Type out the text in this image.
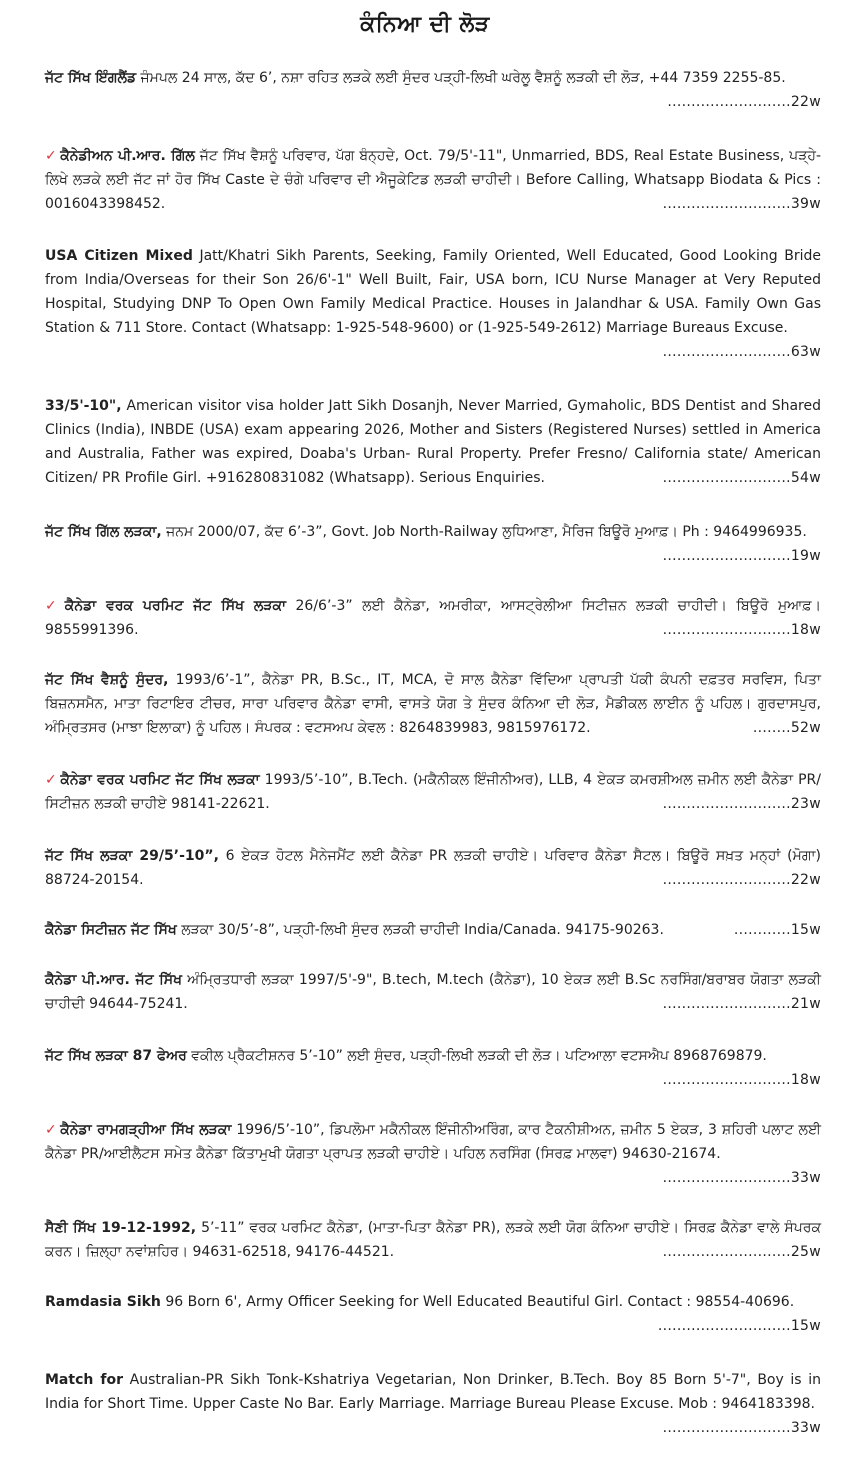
ਕੰਨਿਆ ਦੀ ਲੋੜ
ਜੱਟ ਸਿੱਖ ਇੰਗਲੈਂਡ ਜੰਮਪਲ 24 ਸਾਲ, ਕੱਦ 6’, ਨਸ਼ਾ ਰਹਿਤ ਲੜਕੇ ਲਈ ਸੁੰਦਰ ਪੜ੍ਹੀ-ਲਿਖੀ ਘਰੇਲੂ ਵੈਸ਼ਨੂੰ ਲੜਕੀ ਦੀ ਲੋੜ, +44 7359 2255-85.
..........................22w
✓ ਕੈਨੇਡੀਅਨ ਪੀ.ਆਰ. ਗਿੱਲ ਜੱਟ ਸਿੱਖ ਵੈਸ਼ਨੂੰ ਪਰਿਵਾਰ, ਪੱਗ ਬੰਨ੍ਹਦੇ, Oct. 79/5'-11", Unmarried, BDS, Real Estate Business, ਪੜ੍ਹੇ-ਲਿਖੇ ਲੜਕੇ ਲਈ ਜੱਟ ਜਾਂ ਹੋਰ ਸਿੱਖ Caste ਦੇ ਚੰਗੇ ਪਰਿਵਾਰ ਦੀ ਐਜੂਕੇਟਿਡ ਲੜਕੀ ਚਾਹੀਦੀ। Before Calling, Whatsapp Biodata & Pics : 0016043398452.	...........................39w
USA Citizen Mixed Jatt/Khatri Sikh Parents, Seeking, Family Oriented, Well Educated, Good Looking Bride from India/Overseas for their Son 26/6'-1" Well Built, Fair, USA born, ICU Nurse Manager at Very Reputed Hospital, Studying DNP To Open Own Family Medical Practice. Houses in Jalandhar & USA. Family Own Gas Station & 711 Store. Contact (Whatsapp: 1-925-548-9600) or (1-925-549-2612) Marriage Bureaus Excuse.
...........................63w
33/5'-10", American visitor visa holder Jatt Sikh Dosanjh, Never Married, Gymaholic, BDS Dentist and Shared Clinics (India), INBDE (USA) exam appearing 2026, Mother and Sisters (Registered Nurses) settled in America and Australia, Father was expired, Doaba's Urban- Rural Property. Prefer Fresno/ California state/ American Citizen/ PR Profile Girl. +916280831082 (Whatsapp). Serious Enquiries.	...........................54w
ਜੱਟ ਸਿੱਖ ਗਿੱਲ ਲੜਕਾ, ਜਨਮ 2000/07, ਕੱਦ 6’-3”, Govt. Job North-Railway ਲੁਧਿਆਣਾ, ਮੈਰਿਜ ਬਿਊਰੋ ਮੁਆਫ਼। Ph : 9464996935.
...........................19w
✓ ਕੈਨੇਡਾ ਵਰਕ ਪਰਮਿਟ ਜੱਟ ਸਿੱਖ ਲੜਕਾ 26/6’-3” ਲਈ ਕੈਨੇਡਾ, ਅਮਰੀਕਾ, ਆਸਟ੍ਰੇਲੀਆ ਸਿਟੀਜ਼ਨ ਲੜਕੀ ਚਾਹੀਦੀ। ਬਿਊਰੋ ਮੁਆਫ਼। 9855991396.	...........................18w
ਜੱਟ ਸਿੱਖ ਵੈਸ਼ਨੂੰ ਸੁੰਦਰ, 1993/6’-1”, ਕੈਨੇਡਾ PR, B.Sc., IT, MCA, ਦੋ ਸਾਲ ਕੈਨੇਡਾ ਵਿੱਦਿਆ ਪ੍ਰਾਪਤੀ ਪੱਕੀ ਕੰਪਨੀ ਦਫ਼ਤਰ ਸਰਵਿਸ, ਪਿਤਾ ਬਿਜ਼ਨਸਮੈਨ, ਮਾਤਾ ਰਿਟਾਇਰ ਟੀਚਰ, ਸਾਰਾ ਪਰਿਵਾਰ ਕੈਨੇਡਾ ਵਾਸੀ, ਵਾਸਤੇ ਯੋਗ ਤੇ ਸੁੰਦਰ ਕੰਨਿਆ ਦੀ ਲੋੜ, ਮੈਡੀਕਲ ਲਾਈਨ ਨੂੰ ਪਹਿਲ। ਗੁਰਦਾਸਪੁਰ, ਅੰਮ੍ਰਿਤਸਰ (ਮਾਝਾ ਇਲਾਕਾ) ਨੂੰ ਪਹਿਲ। ਸੰਪਰਕ : ਵਟਸਅਪ ਕੇਵਲ : 8264839983, 9815976172.	........52w
✓ ਕੈਨੇਡਾ ਵਰਕ ਪਰਮਿਟ ਜੱਟ ਸਿੱਖ ਲੜਕਾ 1993/5’-10”, B.Tech. (ਮਕੈਨੀਕਲ ਇੰਜੀਨੀਅਰ), LLB, 4 ਏਕੜ ਕਮਰਸ਼ੀਅਲ ਜ਼ਮੀਨ ਲਈ ਕੈਨੇਡਾ PR/ਸਿਟੀਜ਼ਨ ਲੜਕੀ ਚਾਹੀਏ 98141-22621.	...........................23w
ਜੱਟ ਸਿੱਖ ਲੜਕਾ 29/5’-10”, 6 ਏਕੜ ਹੋਟਲ ਮੈਨੇਜਮੈਂਟ ਲਈ ਕੈਨੇਡਾ PR ਲੜਕੀ ਚਾਹੀਏ। ਪਰਿਵਾਰ ਕੈਨੇਡਾ ਸੈਟਲ। ਬਿਊਰੋ ਸਖ਼ਤ ਮਨ੍ਹਾਂ (ਮੋਗਾ) 88724-20154.	...........................22w
ਕੈਨੇਡਾ ਸਿਟੀਜ਼ਨ ਜੱਟ ਸਿੱਖ ਲੜਕਾ 30/5’-8”, ਪੜ੍ਹੀ-ਲਿਖੀ ਸੁੰਦਰ ਲੜਕੀ ਚਾਹੀਦੀ India/Canada. 94175-90263.	............15w
ਕੈਨੇਡਾ ਪੀ.ਆਰ. ਜੱਟ ਸਿੱਖ ਅੰਮ੍ਰਿਤਧਾਰੀ ਲੜਕਾ 1997/5'-9", B.tech, M.tech (ਕੈਨੇਡਾ), 10 ਏਕੜ ਲਈ B.Sc ਨਰਸਿੰਗ/ਬਰਾਬਰ ਯੋਗਤਾ ਲੜਕੀ ਚਾਹੀਦੀ 94644-75241.	...........................21w
ਜੱਟ ਸਿੱਖ ਲੜਕਾ 87 ਫੇਅਰ ਵਕੀਲ ਪ੍ਰੈਕਟੀਸ਼ਨਰ 5’-10” ਲਈ ਸੁੰਦਰ, ਪੜ੍ਹੀ-ਲਿਖੀ ਲੜਕੀ ਦੀ ਲੋੜ। ਪਟਿਆਲਾ ਵਟਸਐਪ 8968769879.
...........................18w
✓ ਕੈਨੇਡਾ ਰਾਮਗੜ੍ਹੀਆ ਸਿੱਖ ਲੜਕਾ 1996/5’-10”, ਡਿਪਲੋਮਾ ਮਕੈਨੀਕਲ ਇੰਜੀਨੀਅਰਿੰਗ, ਕਾਰ ਟੈਕਨੀਸ਼ੀਅਨ, ਜ਼ਮੀਨ 5 ਏਕੜ, 3 ਸ਼ਹਿਰੀ ਪਲਾਟ ਲਈ ਕੈਨੇਡਾ PR/ਆਈਲੈਟਸ ਸਮੇਤ ਕੈਨੇਡਾ ਕਿੱਤਾਮੁਖੀ ਯੋਗਤਾ ਪ੍ਰਾਪਤ ਲੜਕੀ ਚਾਹੀਏ। ਪਹਿਲ ਨਰਸਿੰਗ (ਸਿਰਫ਼ ਮਾਲਵਾ) 94630-21674.
...........................33w
ਸੈਣੀ ਸਿੱਖ 19-12-1992, 5’-11” ਵਰਕ ਪਰਮਿਟ ਕੈਨੇਡਾ, (ਮਾਤਾ-ਪਿਤਾ ਕੈਨੇਡਾ PR), ਲੜਕੇ ਲਈ ਯੋਗ ਕੰਨਿਆ ਚਾਹੀਏ। ਸਿਰਫ਼ ਕੈਨੇਡਾ ਵਾਲੇ ਸੰਪਰਕ ਕਰਨ। ਜ਼ਿਲ੍ਹਾ ਨਵਾਂਸ਼ਹਿਰ। 94631-62518, 94176-44521.	...........................25w
Ramdasia Sikh 96 Born 6', Army Officer Seeking for Well Educated Beautiful Girl. Contact : 98554-40696.
............................15w
Match for Australian-PR Sikh Tonk-Kshatriya Vegetarian, Non Drinker, B.Tech. Boy 85 Born 5'-7", Boy is in India for Short Time. Upper Caste No Bar. Early Marriage. Marriage Bureau Please Excuse. Mob : 9464183398.
...........................33w
